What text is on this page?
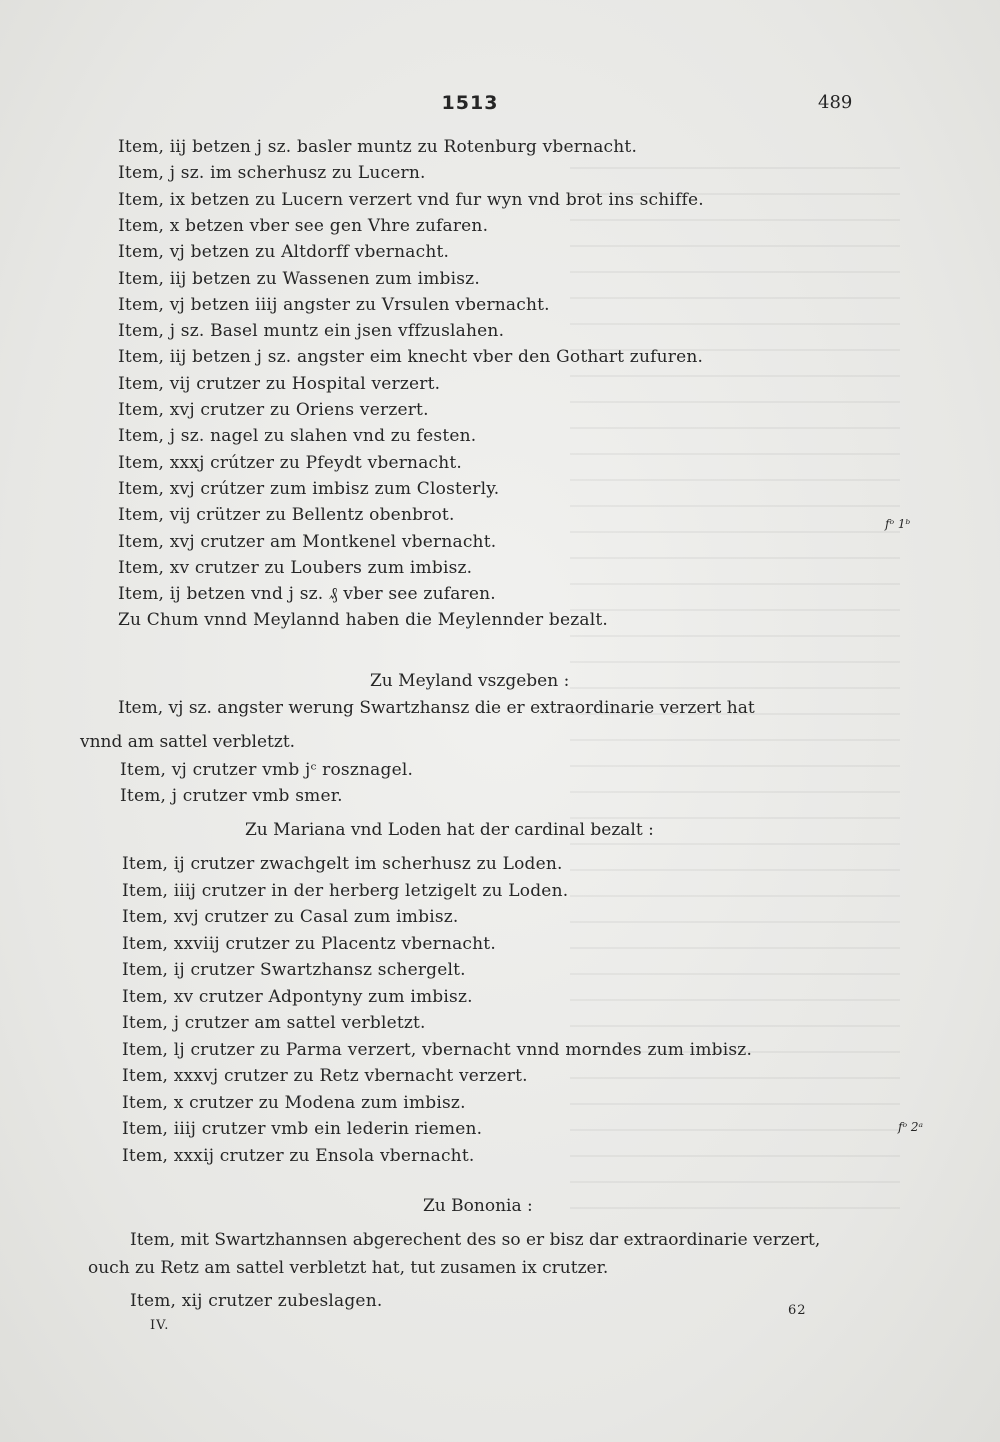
1513	489
Item, iij betzen j sz. basler muntz zu Rotenburg vbernacht.
Item, j sz. im scherhusz zu Lucern.
Item, ix betzen zu Lucern verzert vnd fur wyn vnd brot ins schiffe.
Item, x betzen vber see gen Vhre zufaren.
Item, vj betzen zu Altdorff vbernacht.
Item, iij betzen zu Wassenen zum imbisz.
Item, vj betzen iiij angster zu Vrsulen vbernacht.
Item, j sz. Basel muntz ein jsen vffzuslahen.
Item, iij betzen j sz. angster eim knecht vber den Gothart zufuren.
Item, vij crutzer zu Hospital verzert.
Item, xvj crutzer zu Oriens verzert.
Item, j sz. nagel zu slahen vnd zu festen.
Item, xxxj crútzer zu Pfeydt vbernacht.
Item, xvj crútzer zum imbisz zum Closterly.
Item, vij crützer zu Bellentz obenbrot.
Item, xvj crutzer am Montkenel vbernacht.
Item, xv crutzer zu Loubers zum imbisz.
Item, ij betzen vnd j sz. ₰ vber see zufaren.
Zu Chum vnnd Meylannd haben die Meylennder bezalt.
Zu Meyland vszgeben :
Item, vj sz. angster werung Swartzhansz die er extraordinarie verzert hat
vnnd am sattel verbletzt.
Item, vj crutzer vmb jᶜ rosznagel.
Item, j crutzer vmb smer.
Zu Mariana vnd Loden hat der cardinal bezalt :
Item, ij crutzer zwachgelt im scherhusz zu Loden.
Item, iiij crutzer in der herberg letzigelt zu Loden.
Item, xvj crutzer zu Casal zum imbisz.
Item, xxviij crutzer zu Placentz vbernacht.
Item, ij crutzer Swartzhansz schergelt.
Item, xv crutzer Adpontyny zum imbisz.
Item, j crutzer am sattel verbletzt.
Item, lj crutzer zu Parma verzert, vbernacht vnnd morndes zum imbisz.
Item, xxxvj crutzer zu Retz vbernacht verzert.
Item, x crutzer zu Modena zum imbisz.
Item, iiij crutzer vmb ein lederin riemen.
Item, xxxij crutzer zu Ensola vbernacht.
Zu Bononia :
Item, mit Swartzhannsen abgerechent des so er bisz dar extraordinarie verzert,
ouch zu Retz am sattel verbletzt hat, tut zusamen ix crutzer.
Item, xij crutzer zubeslagen.
fᵒ 1ᵇ
fᵒ 2ᵃ
IV.
62
